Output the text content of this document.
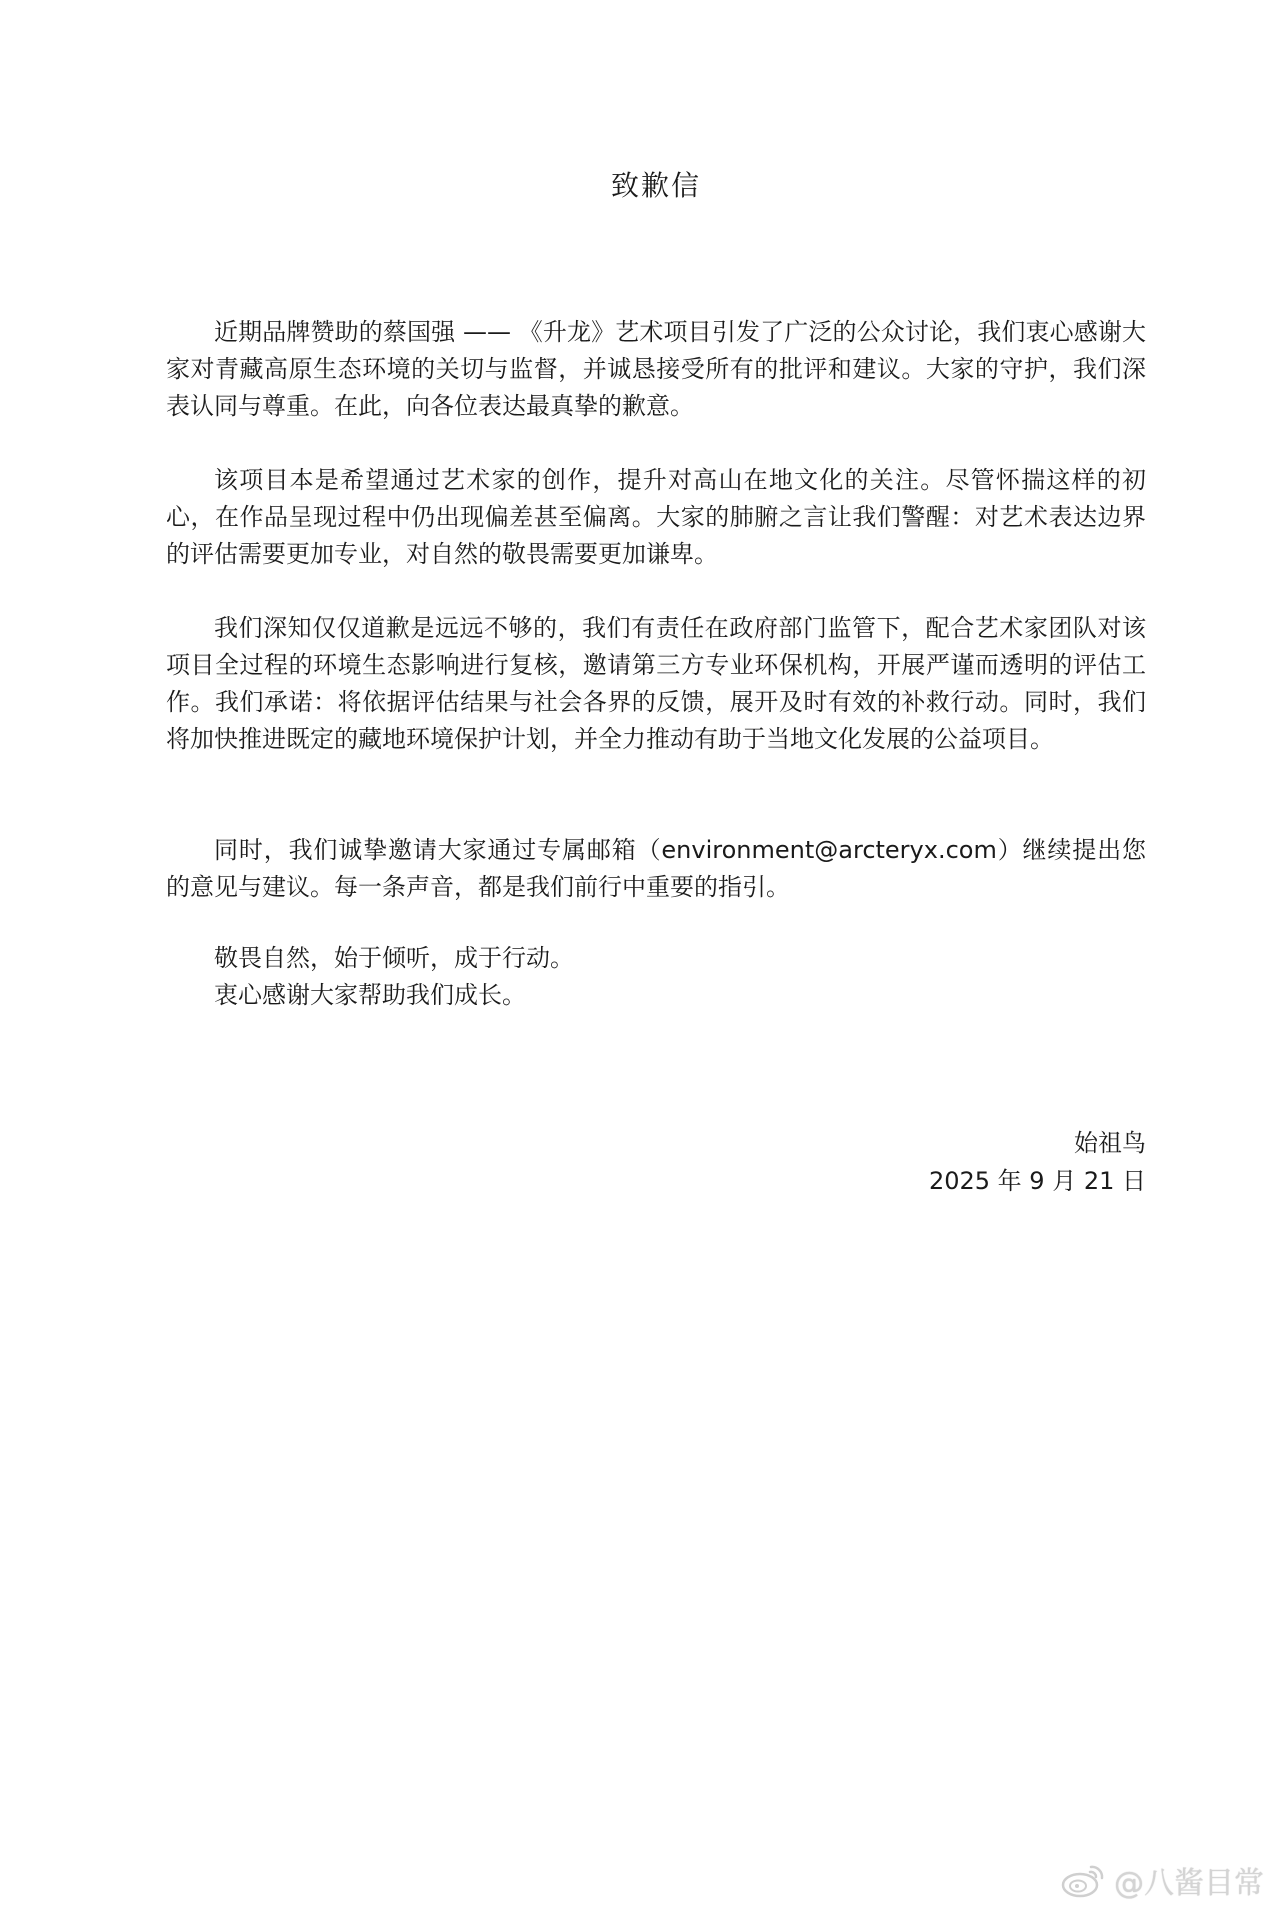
致歉信

近期品牌赞助的蔡国强 —— 《升龙》艺术项目引发了广泛的公众讨论，我们衷心感谢大家对青藏高原生态环境的关切与监督，并诚恳接受所有的批评和建议。大家的守护，我们深表认同与尊重。在此，向各位表达最真挚的歉意。

该项目本是希望通过艺术家的创作，提升对高山在地文化的关注。尽管怀揣这样的初心，在作品呈现过程中仍出现偏差甚至偏离。大家的肺腑之言让我们警醒：对艺术表达边界的评估需要更加专业，对自然的敬畏需要更加谦卑。

我们深知仅仅道歉是远远不够的，我们有责任在政府部门监管下，配合艺术家团队对该项目全过程的环境生态影响进行复核，邀请第三方专业环保机构，开展严谨而透明的评估工作。我们承诺：将依据评估结果与社会各界的反馈，展开及时有效的补救行动。同时，我们将加快推进既定的藏地环境保护计划，并全力推动有助于当地文化发展的公益项目。

同时，我们诚挚邀请大家通过专属邮箱（environment@arcteryx.com）继续提出您的意见与建议。每一条声音，都是我们前行中重要的指引。

敬畏自然，始于倾听，成于行动。
衷心感谢大家帮助我们成长。
始祖鸟
2025 年 9 月 21 日
@八酱目常
